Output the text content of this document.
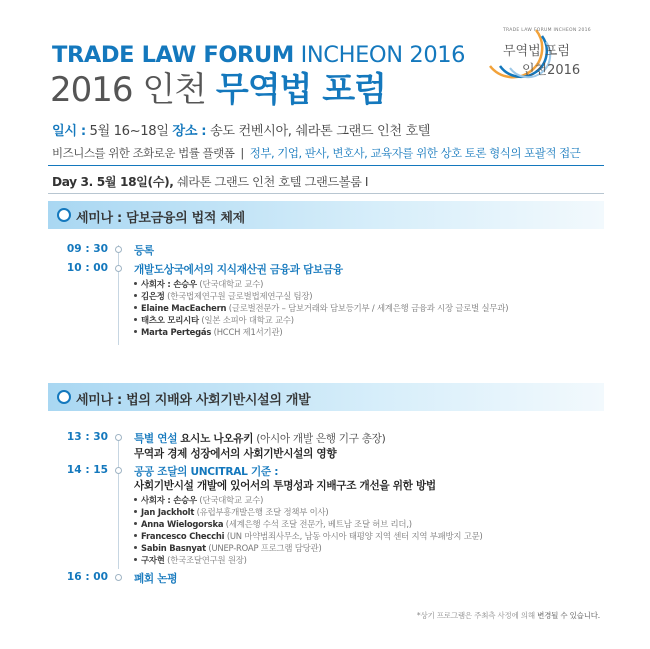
TRADE LAW FORUM INCHEON 2016
2016 인천 무역법 포럼
TRADE LAW FORUM INCHEON 2016
무역법 포럼
인천2016
일시 : 5월 16~18일 장소 : 송도 컨벤시아, 쉐라톤 그랜드 인천 호텔
비즈니스를 위한 조화로운 법률 플랫폼 | 정부, 기업, 판사, 변호사, 교육자를 위한 상호 토론 형식의 포괄적 접근
Day 3. 5월 18일(수), 쉐라톤 그랜드 인천 호텔 그랜드볼룸 I
세미나 : 담보금융의 법적 체제
09 : 30 등록
10 : 00 개발도상국에서의 지식재산권 금융과 담보금융
사회자 : 손승우 (단국대학교 교수)
김은정 (한국법제연구원 글로벌법제연구실 팀장)
Elaine MacEachern (글로벌전문가 – 담보거래와 담보등기부 / 세계은행 금융과 시장 글로벌 실무과)
태츠오 모리시타 (일본 소피아 대학교 교수)
Marta Pertegás (HCCH 제1서기관)
세미나 : 법의 지배와 사회기반시설의 개발
13 : 30 특별 연설 요시노 나오유키 (아시아 개발 은행 기구 총장)
무역과 경제 성장에서의 사회기반시설의 영향
14 : 15 공공 조달의 UNCITRAL 기준 :
사회기반시설 개발에 있어서의 투명성과 지배구조 개선을 위한 방법
사회자 : 손승우 (단국대학교 교수)
Jan Jackholt (유럽부흥개발은행 조달 정책부 이사)
Anna Wielogorska (세계은행 수석 조달 전문가, 베트남 조달 허브 리더,)
Francesco Checchi (UN 마약범죄사무소, 남동 아시아 태평양 지역 센터 지역 부패방지 고문)
Sabin Basnyat (UNEP-ROAP 프로그램 담당관)
구자현 (한국조달연구원 원장)
16 : 00 폐회 논평
*상기 프로그램은 주최측 사정에 의해 변경될 수 있습니다.
